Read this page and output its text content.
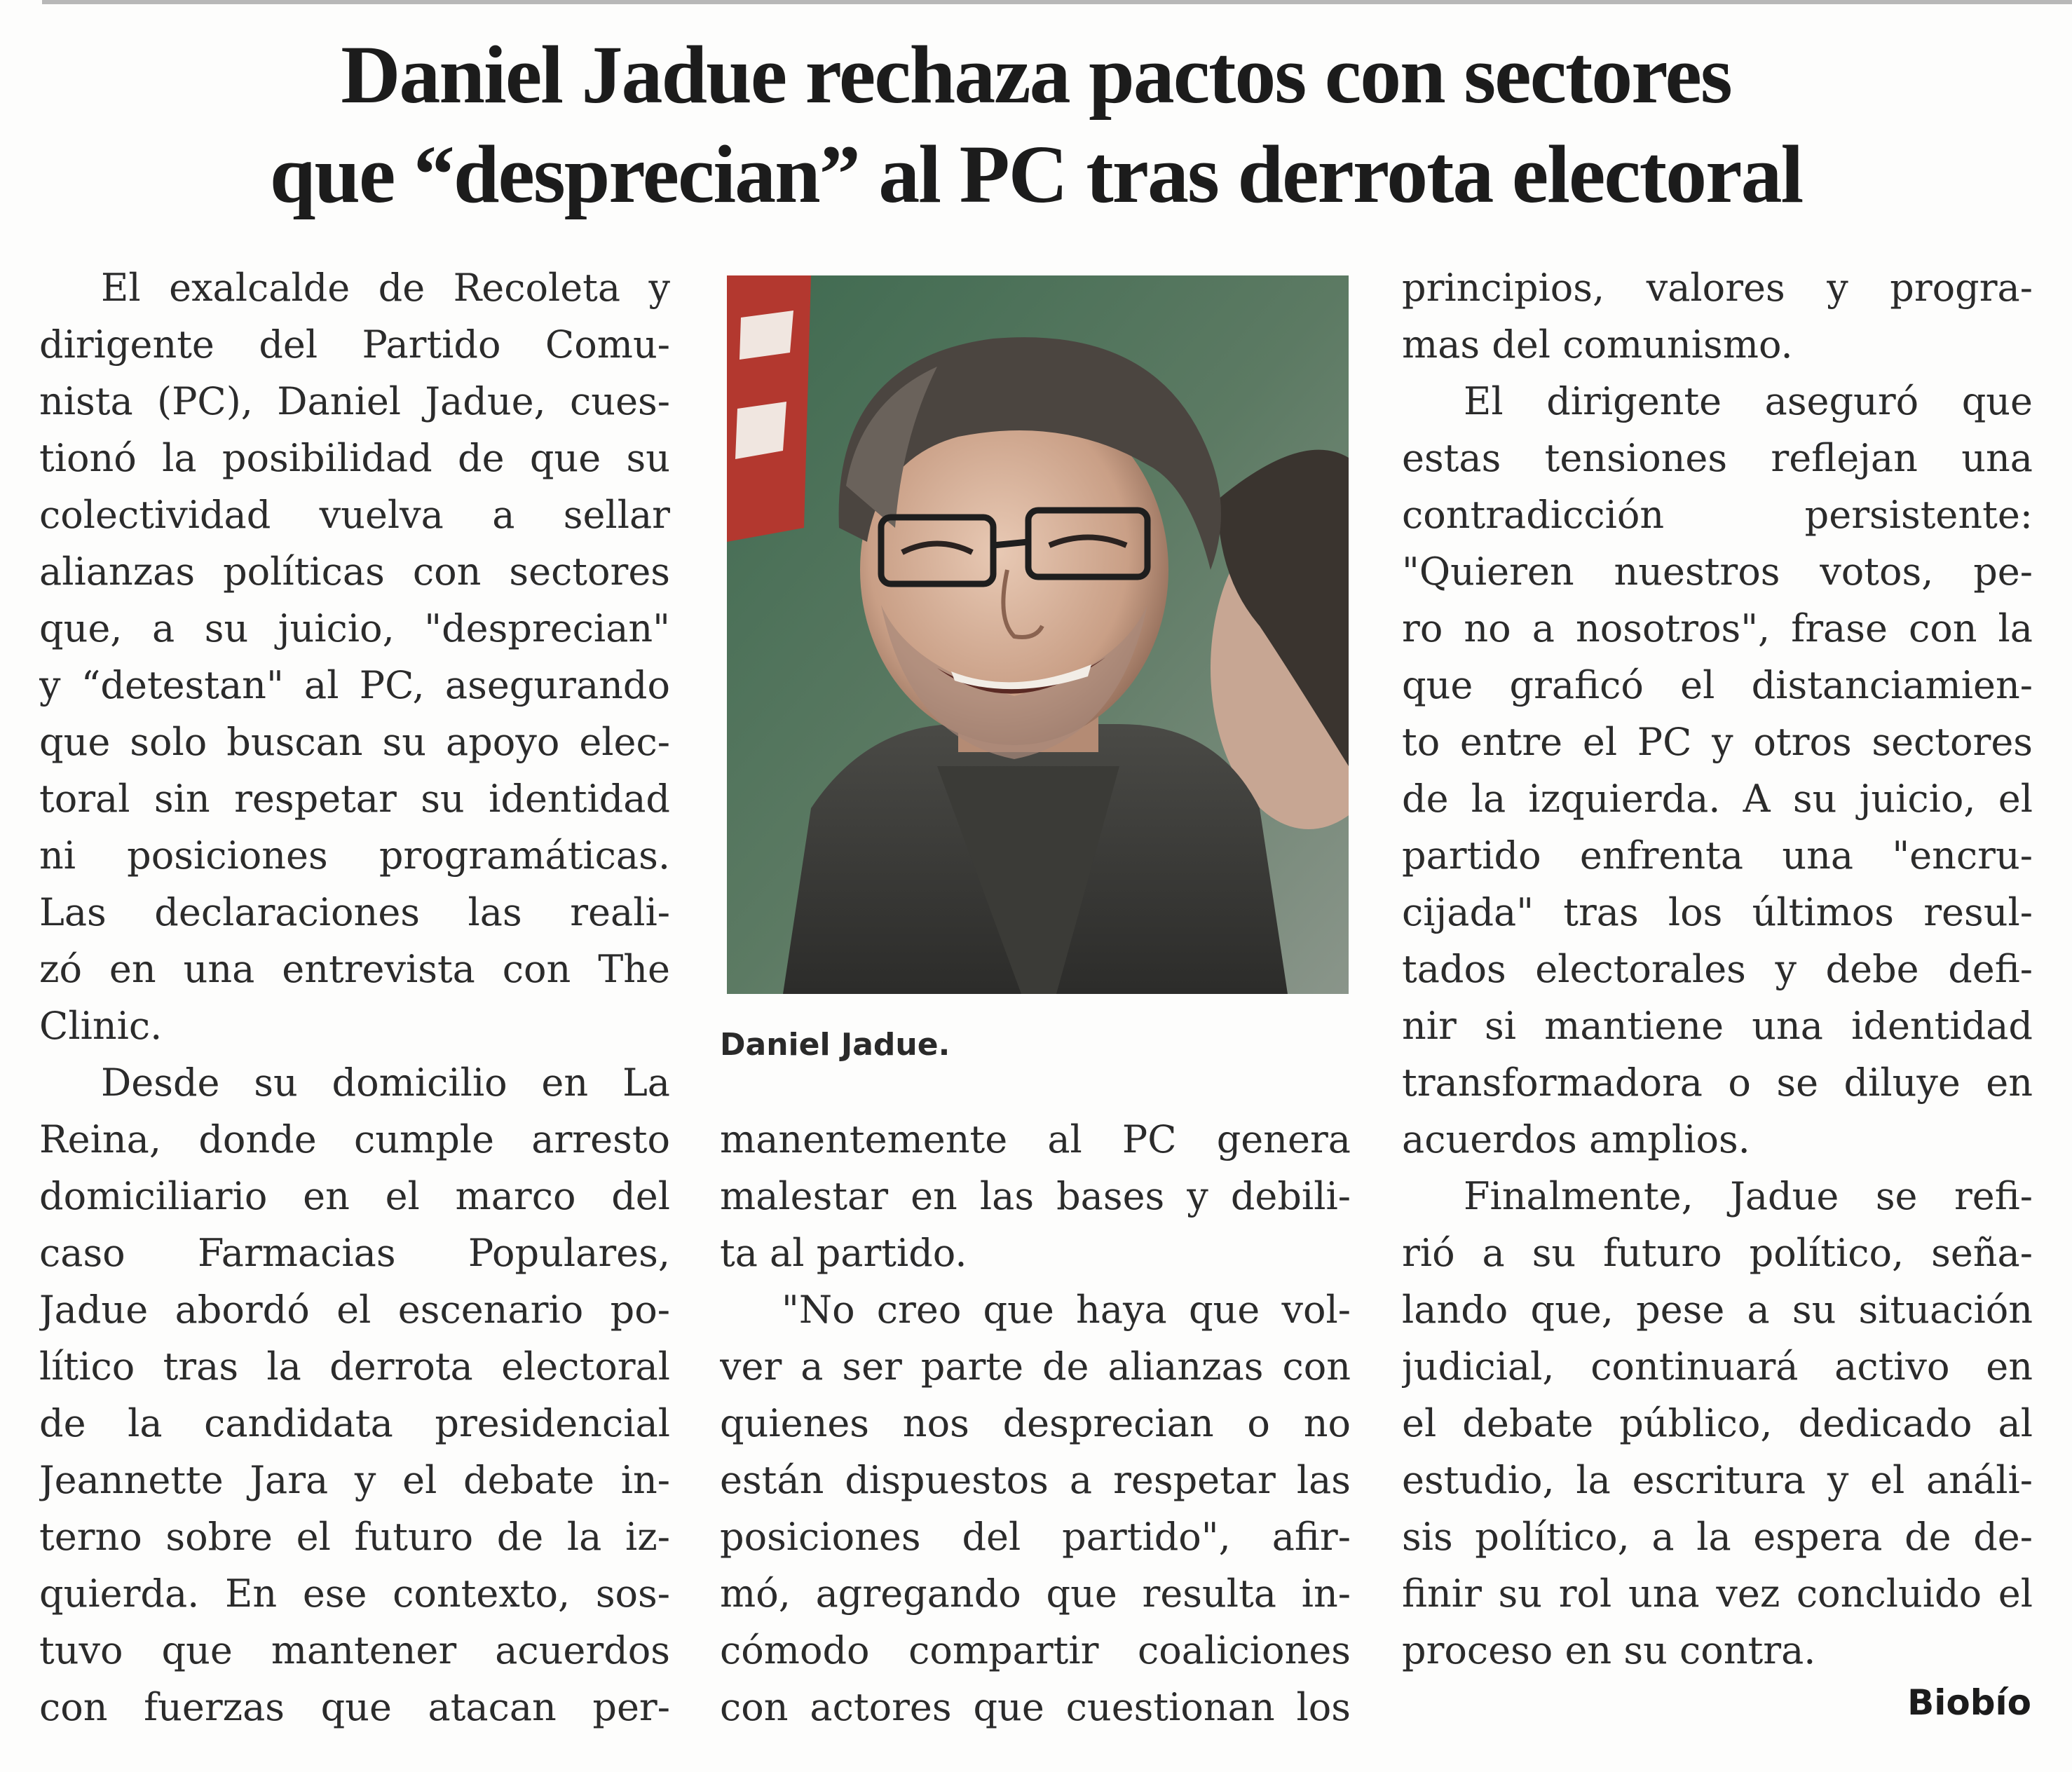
Daniel Jadue rechaza pactos con sectores
que “desprecian” al PC tras derrota electoral
El exalcalde de Recoleta y
dirigente del Partido Comu-
nista (PC), Daniel Jadue, cues-
tionó la posibilidad de que su
colectividad vuelva a sellar
alianzas políticas con sectores
que, a su juicio, "desprecian"
y “detestan" al PC, asegurando
que solo buscan su apoyo elec-
toral sin respetar su identidad
ni posiciones programáticas.
Las declaraciones las reali-
zó en una entrevista con The
Clinic.
Desde su domicilio en La
Reina, donde cumple arresto
domiciliario en el marco del
caso Farmacias Populares,
Jadue abordó el escenario po-
lítico tras la derrota electoral
de la candidata presidencial
Jeannette Jara y el debate in-
terno sobre el futuro de la iz-
quierda. En ese contexto, sos-
tuvo que mantener acuerdos
con fuerzas que atacan per-
Daniel Jadue.
manentemente al PC genera
malestar en las bases y debili-
ta al partido.
"No creo que haya que vol-
ver a ser parte de alianzas con
quienes nos desprecian o no
están dispuestos a respetar las
posiciones del partido", afir-
mó, agregando que resulta in-
cómodo compartir coaliciones
con actores que cuestionan los
principios, valores y progra-
mas del comunismo.
El dirigente aseguró que
estas tensiones reflejan una
contradicción persistente:
"Quieren nuestros votos, pe-
ro no a nosotros", frase con la
que graficó el distanciamien-
to entre el PC y otros sectores
de la izquierda. A su juicio, el
partido enfrenta una "encru-
cijada" tras los últimos resul-
tados electorales y debe defi-
nir si mantiene una identidad
transformadora o se diluye en
acuerdos amplios.
Finalmente, Jadue se refi-
rió a su futuro político, seña-
lando que, pese a su situación
judicial, continuará activo en
el debate público, dedicado al
estudio, la escritura y el análi-
sis político, a la espera de de-
finir su rol una vez concluido el
proceso en su contra.
Biobío
